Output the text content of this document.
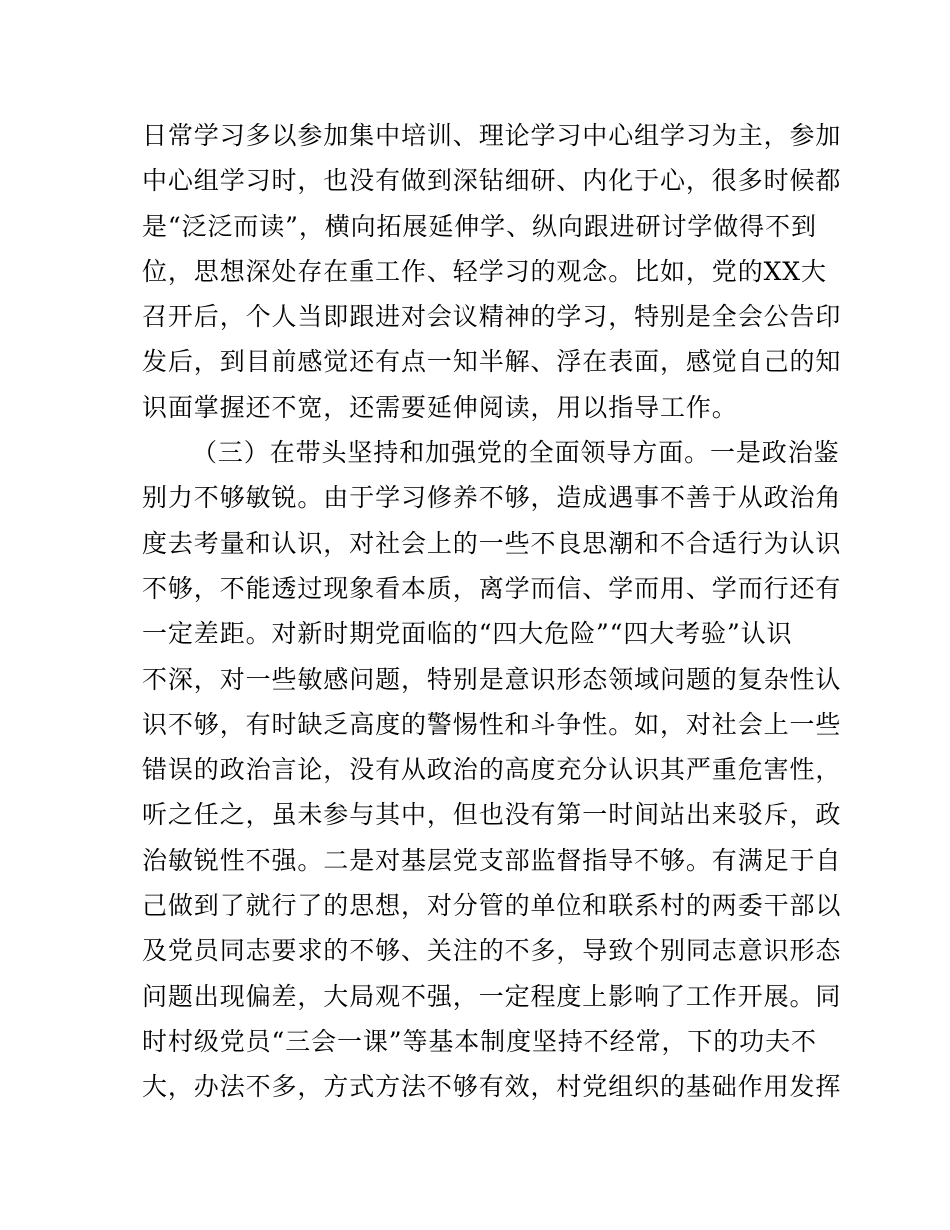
日常学习多以参加集中培训、理论学习中心组学习为主，参加
中心组学习时，也没有做到深钻细研、内化于心，很多时候都
是“泛泛而读”，横向拓展延伸学、纵向跟进研讨学做得不到
位，思想深处存在重工作、轻学习的观念。比如，党的XX大
召开后，个人当即跟进对会议精神的学习，特别是全会公告印
发后，到目前感觉还有点一知半解、浮在表面，感觉自己的知
识面掌握还不宽，还需要延伸阅读，用以指导工作。
（三）在带头坚持和加强党的全面领导方面。一是政治鉴
别力不够敏锐。由于学习修养不够，造成遇事不善于从政治角
度去考量和认识，对社会上的一些不良思潮和不合适行为认识
不够，不能透过现象看本质，离学而信、学而用、学而行还有
一定差距。对新时期党面临的“四大危险”“四大考验”认识
不深，对一些敏感问题，特别是意识形态领域问题的复杂性认
识不够，有时缺乏高度的警惕性和斗争性。如，对社会上一些
错误的政治言论，没有从政治的高度充分认识其严重危害性，
听之任之，虽未参与其中，但也没有第一时间站出来驳斥，政
治敏锐性不强。二是对基层党支部监督指导不够。有满足于自
己做到了就行了的思想，对分管的单位和联系村的两委干部以
及党员同志要求的不够、关注的不多，导致个别同志意识形态
问题出现偏差，大局观不强，一定程度上影响了工作开展。同
时村级党员“三会一课”等基本制度坚持不经常，下的功夫不
大，办法不多，方式方法不够有效，村党组织的基础作用发挥
